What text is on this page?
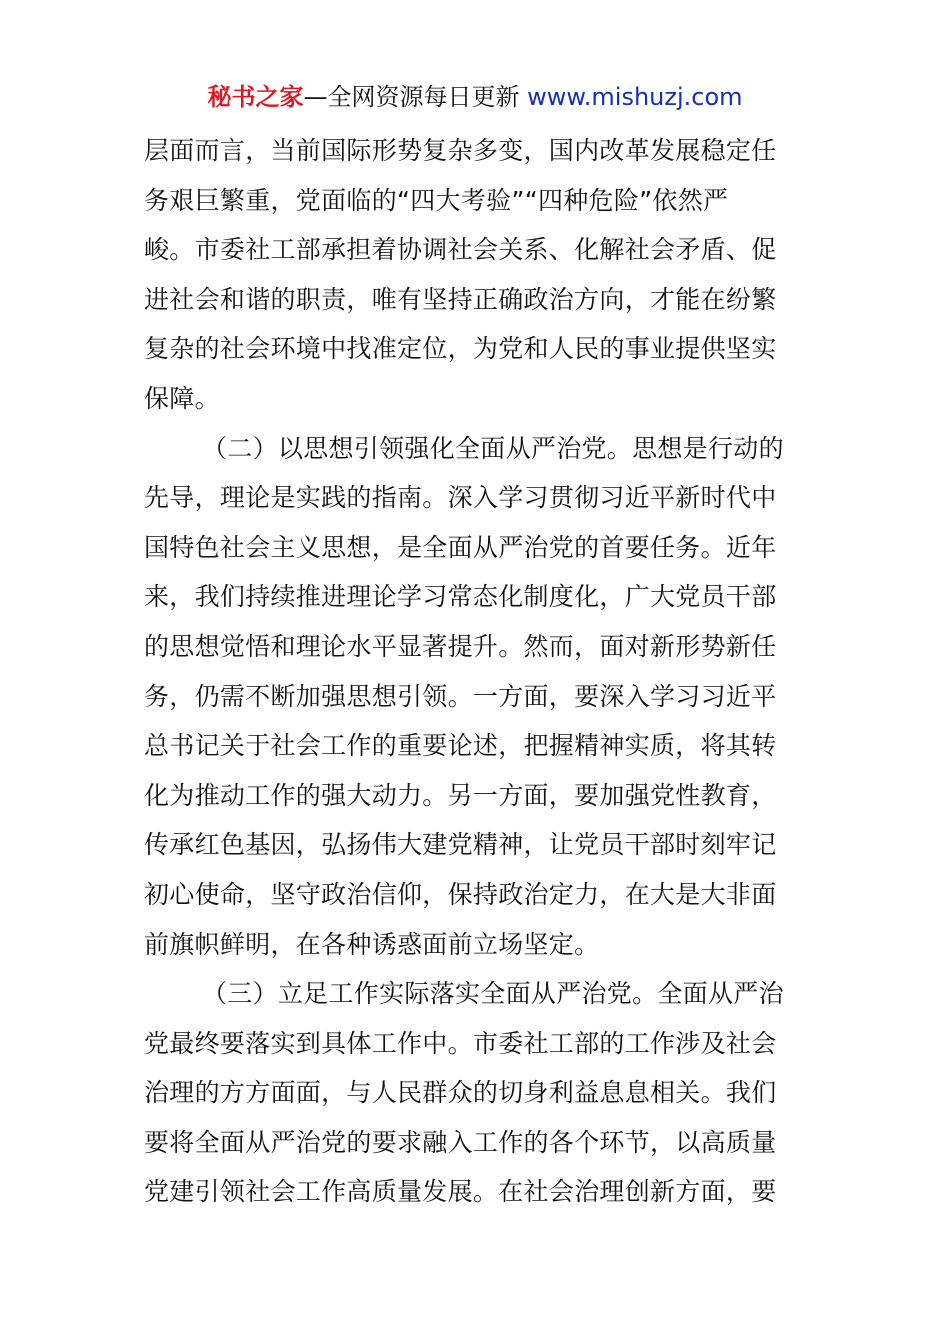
秘书之家—全网资源每日更新 www.mishuzj.com
层面而言，当前国际形势复杂多变，国内改革发展稳定任
务艰巨繁重，党面临的“四大考验”“四种危险”依然严
峻。市委社工部承担着协调社会关系、化解社会矛盾、促
进社会和谐的职责，唯有坚持正确政治方向，才能在纷繁
复杂的社会环境中找准定位，为党和人民的事业提供坚实
保障。
（二）以思想引领强化全面从严治党。思想是行动的
先导，理论是实践的指南。深入学习贯彻习近平新时代中
国特色社会主义思想，是全面从严治党的首要任务。近年
来，我们持续推进理论学习常态化制度化，广大党员干部
的思想觉悟和理论水平显著提升。然而，面对新形势新任
务，仍需不断加强思想引领。一方面，要深入学习习近平
总书记关于社会工作的重要论述，把握精神实质，将其转
化为推动工作的强大动力。另一方面，要加强党性教育，
传承红色基因，弘扬伟大建党精神，让党员干部时刻牢记
初心使命，坚守政治信仰，保持政治定力，在大是大非面
前旗帜鲜明，在各种诱惑面前立场坚定。
（三）立足工作实际落实全面从严治党。全面从严治
党最终要落实到具体工作中。市委社工部的工作涉及社会
治理的方方面面，与人民群众的切身利益息息相关。我们
要将全面从严治党的要求融入工作的各个环节，以高质量
党建引领社会工作高质量发展。在社会治理创新方面，要
